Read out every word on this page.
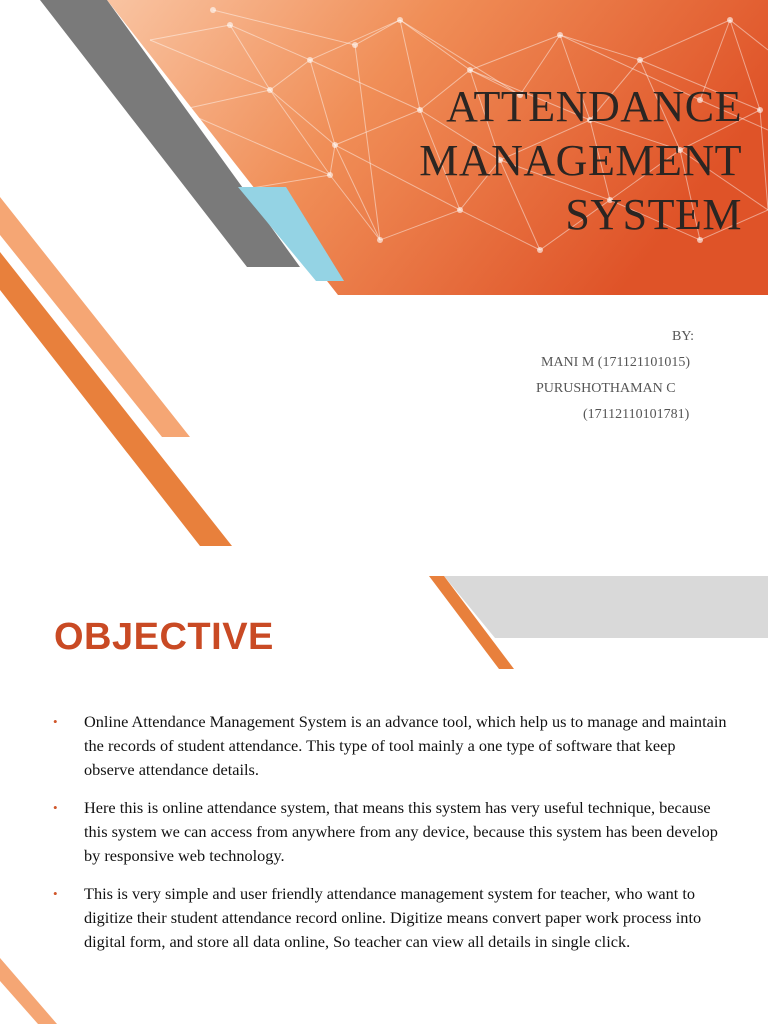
ATTENDANCE
MANAGEMENT
SYSTEM
BY:
MANI M (171121101015)
PURUSHOTHAMAN C
(17112110101781)
OBJECTIVE
• Online Attendance Management System is an advance tool, which help us to manage and maintain the records of student attendance. This type of tool mainly a one type of software that keep observe attendance details.
• Here this is online attendance system, that means this system has very useful technique, because this system we can access from anywhere from any device, because this system has been develop by responsive web technology.
• This is very simple and user friendly attendance management system for teacher, who want to digitize their student attendance record online. Digitize means convert paper work process into digital form, and store all data online, So teacher can view all details in single click.
